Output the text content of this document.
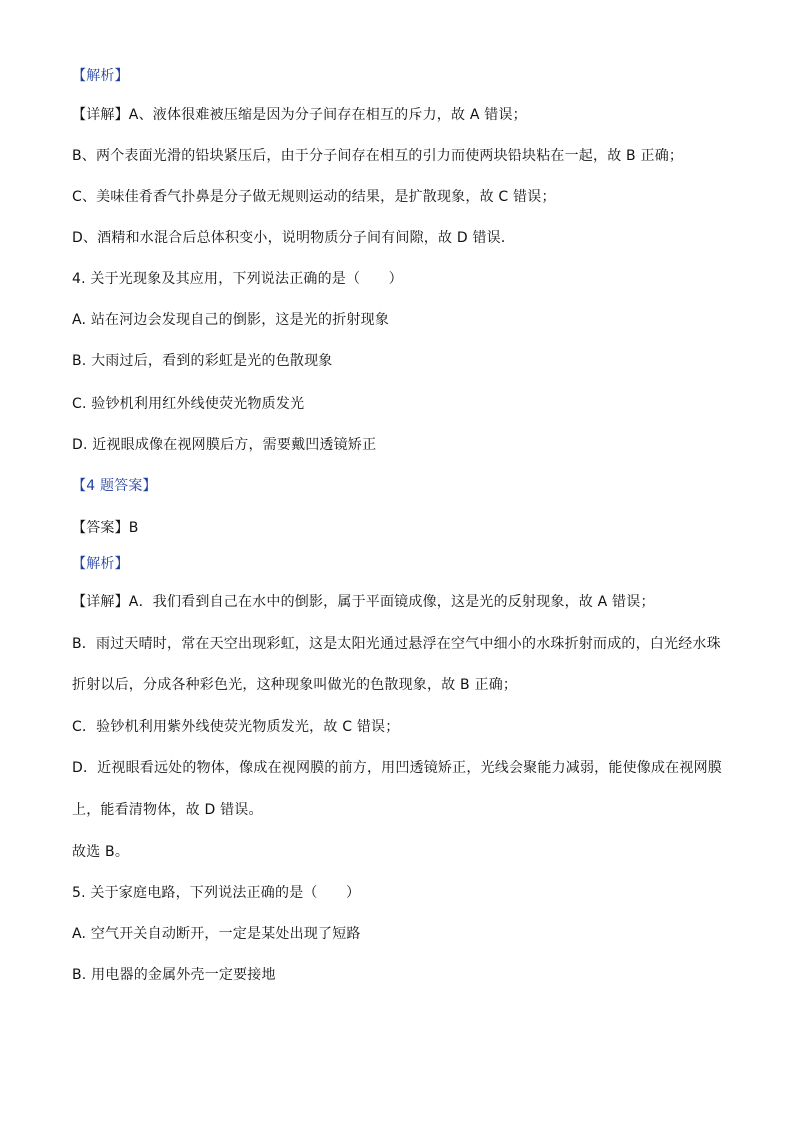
【解析】
【详解】A、液体很难被压缩是因为分子间存在相互的斥力，故 A 错误；
B、两个表面光滑的铅块紧压后，由于分子间存在相互的引力而使两块铅块粘在一起，故 B 正确；
C、美味佳肴香气扑鼻是分子做无规则运动的结果，是扩散现象，故 C 错误；
D、酒精和水混合后总体积变小，说明物质分子间有间隙，故 D 错误．
4. 关于光现象及其应用，下列说法正确的是（　　）
A. 站在河边会发现自己的倒影，这是光的折射现象
B. 大雨过后，看到的彩虹是光的色散现象
C. 验钞机利用红外线使荧光物质发光
D. 近视眼成像在视网膜后方，需要戴凹透镜矫正
【4 题答案】
【答案】B
【解析】
【详解】A．我们看到自己在水中的倒影，属于平面镜成像，这是光的反射现象，故 A 错误；
B．雨过天晴时，常在天空出现彩虹，这是太阳光通过悬浮在空气中细小的水珠折射而成的，白光经水珠
折射以后，分成各种彩色光，这种现象叫做光的色散现象，故 B 正确；
C．验钞机利用紫外线使荧光物质发光，故 C 错误；
D．近视眼看远处的物体，像成在视网膜的前方，用凹透镜矫正，光线会聚能力减弱，能使像成在视网膜
上，能看清物体，故 D 错误。
故选 B。
5. 关于家庭电路，下列说法正确的是（　　）
A. 空气开关自动断开，一定是某处出现了短路
B. 用电器的金属外壳一定要接地
